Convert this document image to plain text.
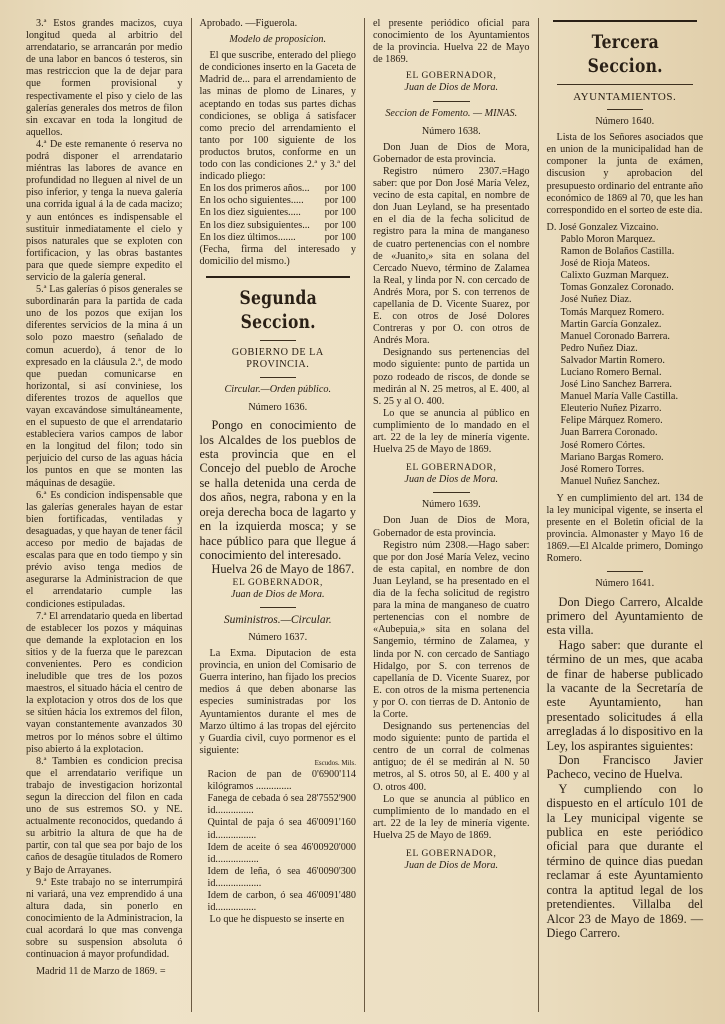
3.ª Estos grandes macizos, cuya longitud queda al arbitrio del arrendatario, se arrancarán por medio de una labor en bancos ó testeros, sin mas restriccion que la de dejar para que formen provisional y respectivamente el piso y cielo de las galerías generales dos metros de filon sin excavar en toda la longitud de aquellos.

4.ª De este remanente ó reserva no podrá disponer el arrendatario miéntras las labores de avance en profundidad no lleguen al nivel de un piso inferior, y tenga la nueva galería una corrida igual á la de cada macizo; y aun entónces es indispensable el sustituir inmediatamente el cielo y pisos naturales que se exploten con fortificacion, y las obras bastantes para que quede siempre expedito el servicio de la galería general.

5.ª Las galerías ó pisos generales se subordinarán para la partida de cada uno de los pozos que exijan los diferentes servicios de la mina á un solo pozo maestro (señalado de comun acuerdo), á tenor de lo expresado en la cláusula 2.ª, de modo que puedan comunicarse en horizontal, si así conviniese, los diferentes trozos de aquellos que vayan excavándose simultáneamente, en el supuesto de que el arrendatario estableciera varios campos de labor en la longitud del filon; todo sin perjuicio del curso de las aguas hácia los puntos en que se monten las máquinas de desagüe.

6.ª Es condicion indispensable que las galerías generales hayan de estar bien fortificadas, ventiladas y desaguadas, y que hayan de tener fácil acceso por medio de bajadas de escalas para que en todo tiempo y sin prévio aviso tenga medios de asegurarse la Administracion de que el arrendatario cumple las condiciones estipuladas.

7.ª El arrendatario queda en libertad de establecer los pozos y máquinas que demande la explotacion en los sitios y de la fuerza que le parezcan convenientes. Pero es condicion ineludible que tres de los pozos maestros, el situado hácia el centro de la explotacion y otros dos de los que se sitúen hácia los extremos del filon, vayan constantemente avanzados 30 metros por lo ménos sobre el último piso abierto á la explotacion.

8.ª Tambien es condicion precisa que el arrendatario verifique un trabajo de investigacion horizontal segun la direccion del filon en cada uno de sus estremos SO. y NE. actualmente reconocidos, quedando á su arbitrio la altura de que ha de partir, con tal que sea por bajo de los caños de desagüe titulados de Romero y Bajo de Arrayanes.

9.ª Este trabajo no se interrumpirá ni variará, una vez emprendido á una altura dada, sin ponerlo en conocimiento de la Administracion, la cual acordará lo que mas convenga sobre su suspension absoluta ó continuacion á mayor profundidad.

Madrid 11 de Marzo de 1869. =

Aprobado. —Figuerola.

Modelo de proposicion.

El que suscribe, enterado del pliego de condiciones inserto en la Gaceta de Madrid de... para el arrendamiento de las minas de plomo de Linares, y aceptando en todas sus partes dichas condiciones, se obliga á satisfacer como precio del arrendamiento el tanto por 100 siguiente de los productos brutos, conforme en un todo con las condiciones 2.ª y 3.ª del indicado pliego:

En los dos primeros años... por 100
En los ocho siguientes..... por 100
En los diez siguientes..... por 100
En los diez subsiguientes... por 100
En los diez últimos.......	por 100

(Fecha, firma del interesado y domicilio del mismo.)

Segunda Seccion.

GOBIERNO DE LA PROVINCIA.

Circular.—Orden público.

Número 1636.

Pongo en conocimiento de los Alcaldes de los pueblos de esta provincia que en el Concejo del pueblo de Aroche se halla detenida una cerda de dos años, negra, rabona y en la oreja derecha boca de lagarto y en la izquierda mosca; y se hace público para que llegue á conocimiento del interesado.

Huelva 26 de Mayo de 1867.

EL GOBERNADOR,

Juan de Dios de Mora.

Suministros.—Circular.

Número 1637.

La Exma. Diputacion de esta provincia, en union del Comisario de Guerra interino, han fijado los precios medios á que deben abonarse las especies suministradas por los Ayuntamientos durante el mes de Marzo último á las tropas del ejército y Guardia civil, cuyo pormenor es el siguiente:

Escudos. Mils.

Racion de pan de 0'690 kilógramos ..............
0'114
Fanega de cebada ó sea 28'755 id...............
2'900
Quintal de paja ó sea 46'009 id................
1'160
Idem de aceite ó sea 46'009 id.................
20'000
Idem de leña, ó sea 46'009 id..................
0'300
Idem de carbon, ó sea 46'009 id................
1'480

Lo que he dispuesto se inserte en

el presente periódico oficial para conocimiento de los Ayuntamientos de la provincia. Huelva 22 de Mayo de 1869.

EL GOBERNADOR,

Juan de Dios de Mora.

Seccion de Fomento. — MINAS.

Número 1638.

Don Juan de Dios de Mora, Gobernador de esta provincia.

Registro número 2307.=Hago saber: que por Don José María Velez, vecino de esta capital, en nombre de don Juan Leyland, se ha presentado en el dia de la fecha solicitud de registro para la mina de manganeso de cuatro pertenencias con el nombre de «Juanito,» sita en solana del Cercado Nuevo, término de Zalamea la Real, y linda por N. con cercado de Andrés Mora, por S. con terrenos de capellania de D. Vicente Suarez, por E. con otros de José Dolores Contreras y por O. con otros de Andrés Mora.

Designando sus pertenencias del modo siguiente: punto de partida un pozo rodeado de riscos, de donde se medirán al N. 25 metros, al E. 400, al S. 25 y al O. 400.

Lo que se anuncia al público en cumplimiento de lo mandado en el art. 22 de la ley de minería vigente. Huelva 25 de Mayo de 1869.

EL GOBERNADOR,

Juan de Dios de Mora.

Número 1639.

Don Juan de Dios de Mora, Gobernador de esta provincia.

Registro núm 2308.—Hago saber: que por don José María Velez, vecino de esta capital, en nombre de don Juan Leyland, se ha presentado en el dia de la fecha solicitud de registro para la mina de manganeso de cuatro pertenencias con el nombre de «Aubepuia,» sita en solana del Sangemio, término de Zalamea, y linda por N. con cercado de Santiago Hidalgo, por S. con terrenos de capellanía de D. Vicente Suarez, por E. con otros de la misma pertenencia y por O. con tierras de D. Antonio de la Corte.

Designando sus pertenencias del modo siguiente: punto de partida el centro de un corral de colmenas antiguo; de él se medirán al N. 50 metros, al S. otros 50, al E. 400 y al O. otros 400.

Lo que se anuncia al público en cumplimiento de lo mandado en el art. 22 de la ley de minería vigente. Huelva 25 de Mayo de 1869.

EL GOBERNADOR,

Juan de Dios de Mora.

Tercera Seccion.

AYUNTAMIENTOS.

Número 1640.

Lista de los Señores asociados que en union de la municipalidad han de componer la junta de exámen, discusion y aprobacion del presupuesto ordinario del entrante año económico de 1869 al 70, que les han correspondido en el sorteo de este dia.

D. José Gonzalez Vizcaino.

Pablo Moron Marquez.

Ramon de Bolaños Castilla.

José de Rioja Mateos.

Calixto Guzman Marquez.

Tomas Gonzalez Coronado.

José Nuñez Diaz.

Tomás Marquez Romero.

Martin García Gonzalez.

Manuel Coronado Barrera.

Pedro Nuñez Diaz.

Salvador Martin Romero.

Luciano Romero Bernal.

José Lino Sanchez Barrera.

Manuel María Valle Castilla.

Eleuterio Nuñez Pizarro.

Felipe Márquez Romero.

Juan Barrera Coronado.

José Romero Córtes.

Mariano Bargas Romero.

José Romero Torres.

Manuel Nuñez Sanchez.

Y en cumplimiento del art. 134 de la ley municipal vigente, se inserta el presente en el Boletin oficial de la provincia. Almonaster y Mayo 16 de 1869.—El Alcalde primero, Domingo Romero.

Número 1641.

Don Diego Carrero, Alcalde primero del Ayuntamiento de esta villa.

Hago saber: que durante el término de un mes, que acaba de finar de haberse publicado la vacante de la Secretaría de este Ayuntamiento, han presentado solicitudes á ella arregladas á lo dispositivo en la Ley, los aspirantes siguientes:

Don Francisco Javier Pacheco, vecino de Huelva.

Y cumpliendo con lo dispuesto en el artículo 101 de la Ley municipal vigente se publica en este periódico oficial para que durante el término de quince dias puedan reclamar á este Ayuntamiento contra la aptitud legal de los pretendientes. Villalba del Alcor 23 de Mayo de 1869. —Diego Carrero.
